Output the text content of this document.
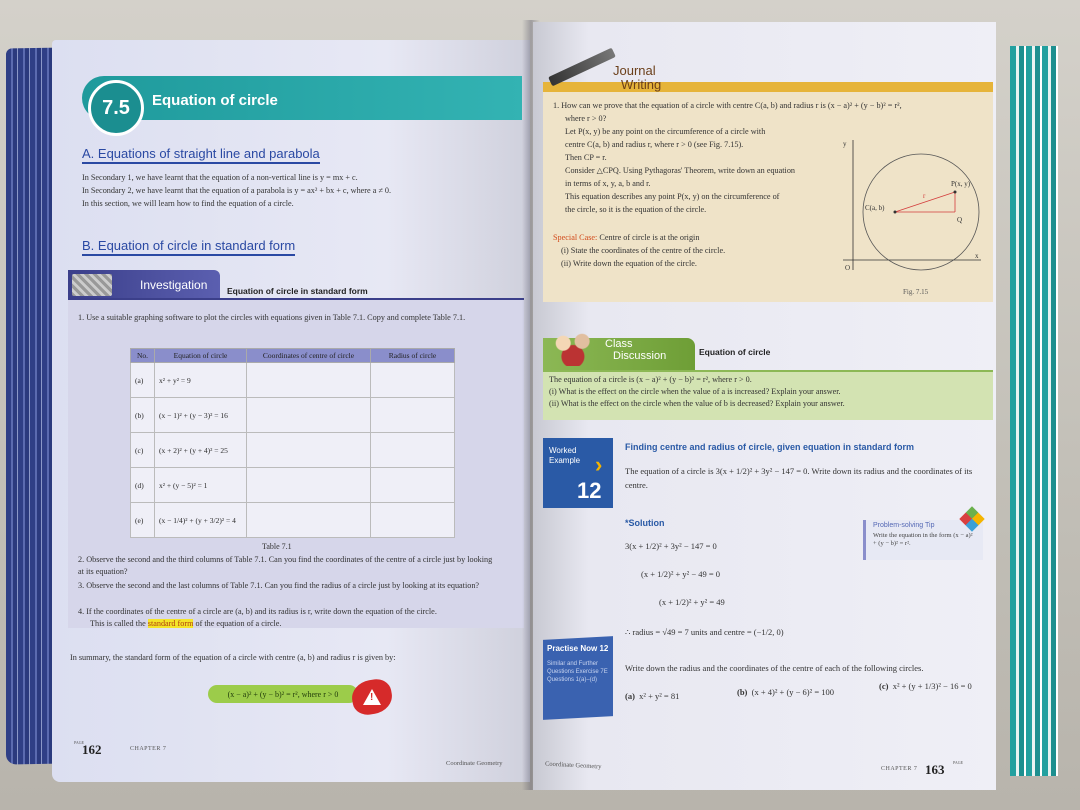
7.5	Equation of circle
A. Equations of straight line and parabola
In Secondary 1, we have learnt that the equation of a non-vertical line is y = mx + c.
In Secondary 2, we have learnt that the equation of a parabola is y = ax² + bx + c, where a ≠ 0.
In this section, we will learn how to find the equation of a circle.
B. Equation of circle in standard form
Investigation Equation of circle in standard form
1. Use a suitable graphing software to plot the circles with equations given in Table 7.1. Copy and complete Table 7.1.
No.	Equation of circle	Coordinates of centre of circle	Radius of circle
(a)	x² + y² = 9		
(b)	(x − 1)² + (y − 3)² = 16		
(c)	(x + 2)² + (y + 4)² = 25		
(d)	x² + (y − 5)² = 1		
(e)	(x − 1/4)² + (y + 3/2)² = 4		
Table 7.1
2. Observe the second and the third columns of Table 7.1. Can you find the coordinates of the centre of a circle just by looking at its equation?
3. Observe the second and the last columns of Table 7.1. Can you find the radius of a circle just by looking at its equation?
4. If the coordinates of the centre of a circle are (a, b) and its radius is r, write down the equation of the circle.
This is called the standard form of the equation of a circle.
In summary, the standard form of the equation of a circle with centre (a, b) and radius r is given by:
(x − a)² + (y − b)² = r², where r > 0	!
PAGE
162	CHAPTER 7
Coordinate Geometry
Journal
Writing
1. How can we prove that the equation of a circle with centre C(a, b) and radius r is (x − a)² + (y − b)² = r²,
where r > 0?
Let P(x, y) be any point on the circumference of a circle with
centre C(a, b) and radius r, where r > 0 (see Fig. 7.15).
Then CP = r.
Consider △CPQ. Using Pythagoras' Theorem, write down an equation
in terms of x, y, a, b and r.
This equation describes any point P(x, y) on the circumference of
the circle, so it is the equation of the circle.
Special Case: Centre of circle is at the origin
(i) State the coordinates of the centre of the circle.
(ii) Write down the equation of the circle.
y
x
O
P(x, y)
C(a, b)
Q
r
Fig. 7.15
Class
Discussion	Equation of circle
The equation of a circle is (x − a)² + (y − b)² = r², where r > 0.
(i) What is the effect on the circle when the value of a is increased? Explain your answer.
(ii) What is the effect on the circle when the value of b is decreased? Explain your answer.
Worked
Example ›
12
Finding centre and radius of circle, given equation in standard form
The equation of a circle is 3(x + 1/2)² + 3y² − 147 = 0. Write down its radius and the coordinates of its centre.
*Solution
3(x + 1/2)² + 3y² − 147 = 0
(x + 1/2)² + y² − 49 = 0
(x + 1/2)² + y² = 49
∴ radius = √49 = 7 units and centre = (−1/2, 0)
Problem-solving Tip
Write the equation in the form (x − a)² + (y − b)² = r².
Practise Now 12
Similar and Further Questions Exercise 7E Questions 1(a)–(d)
Write down the radius and the coordinates of the centre of each of the following circles.
(a) x² + y² = 81	(b) (x + 4)² + (y − 6)² = 100
(c) x² + (y + 1/3)² − 16 = 0
Coordinate Geometry	CHAPTER 7 163 PAGE
